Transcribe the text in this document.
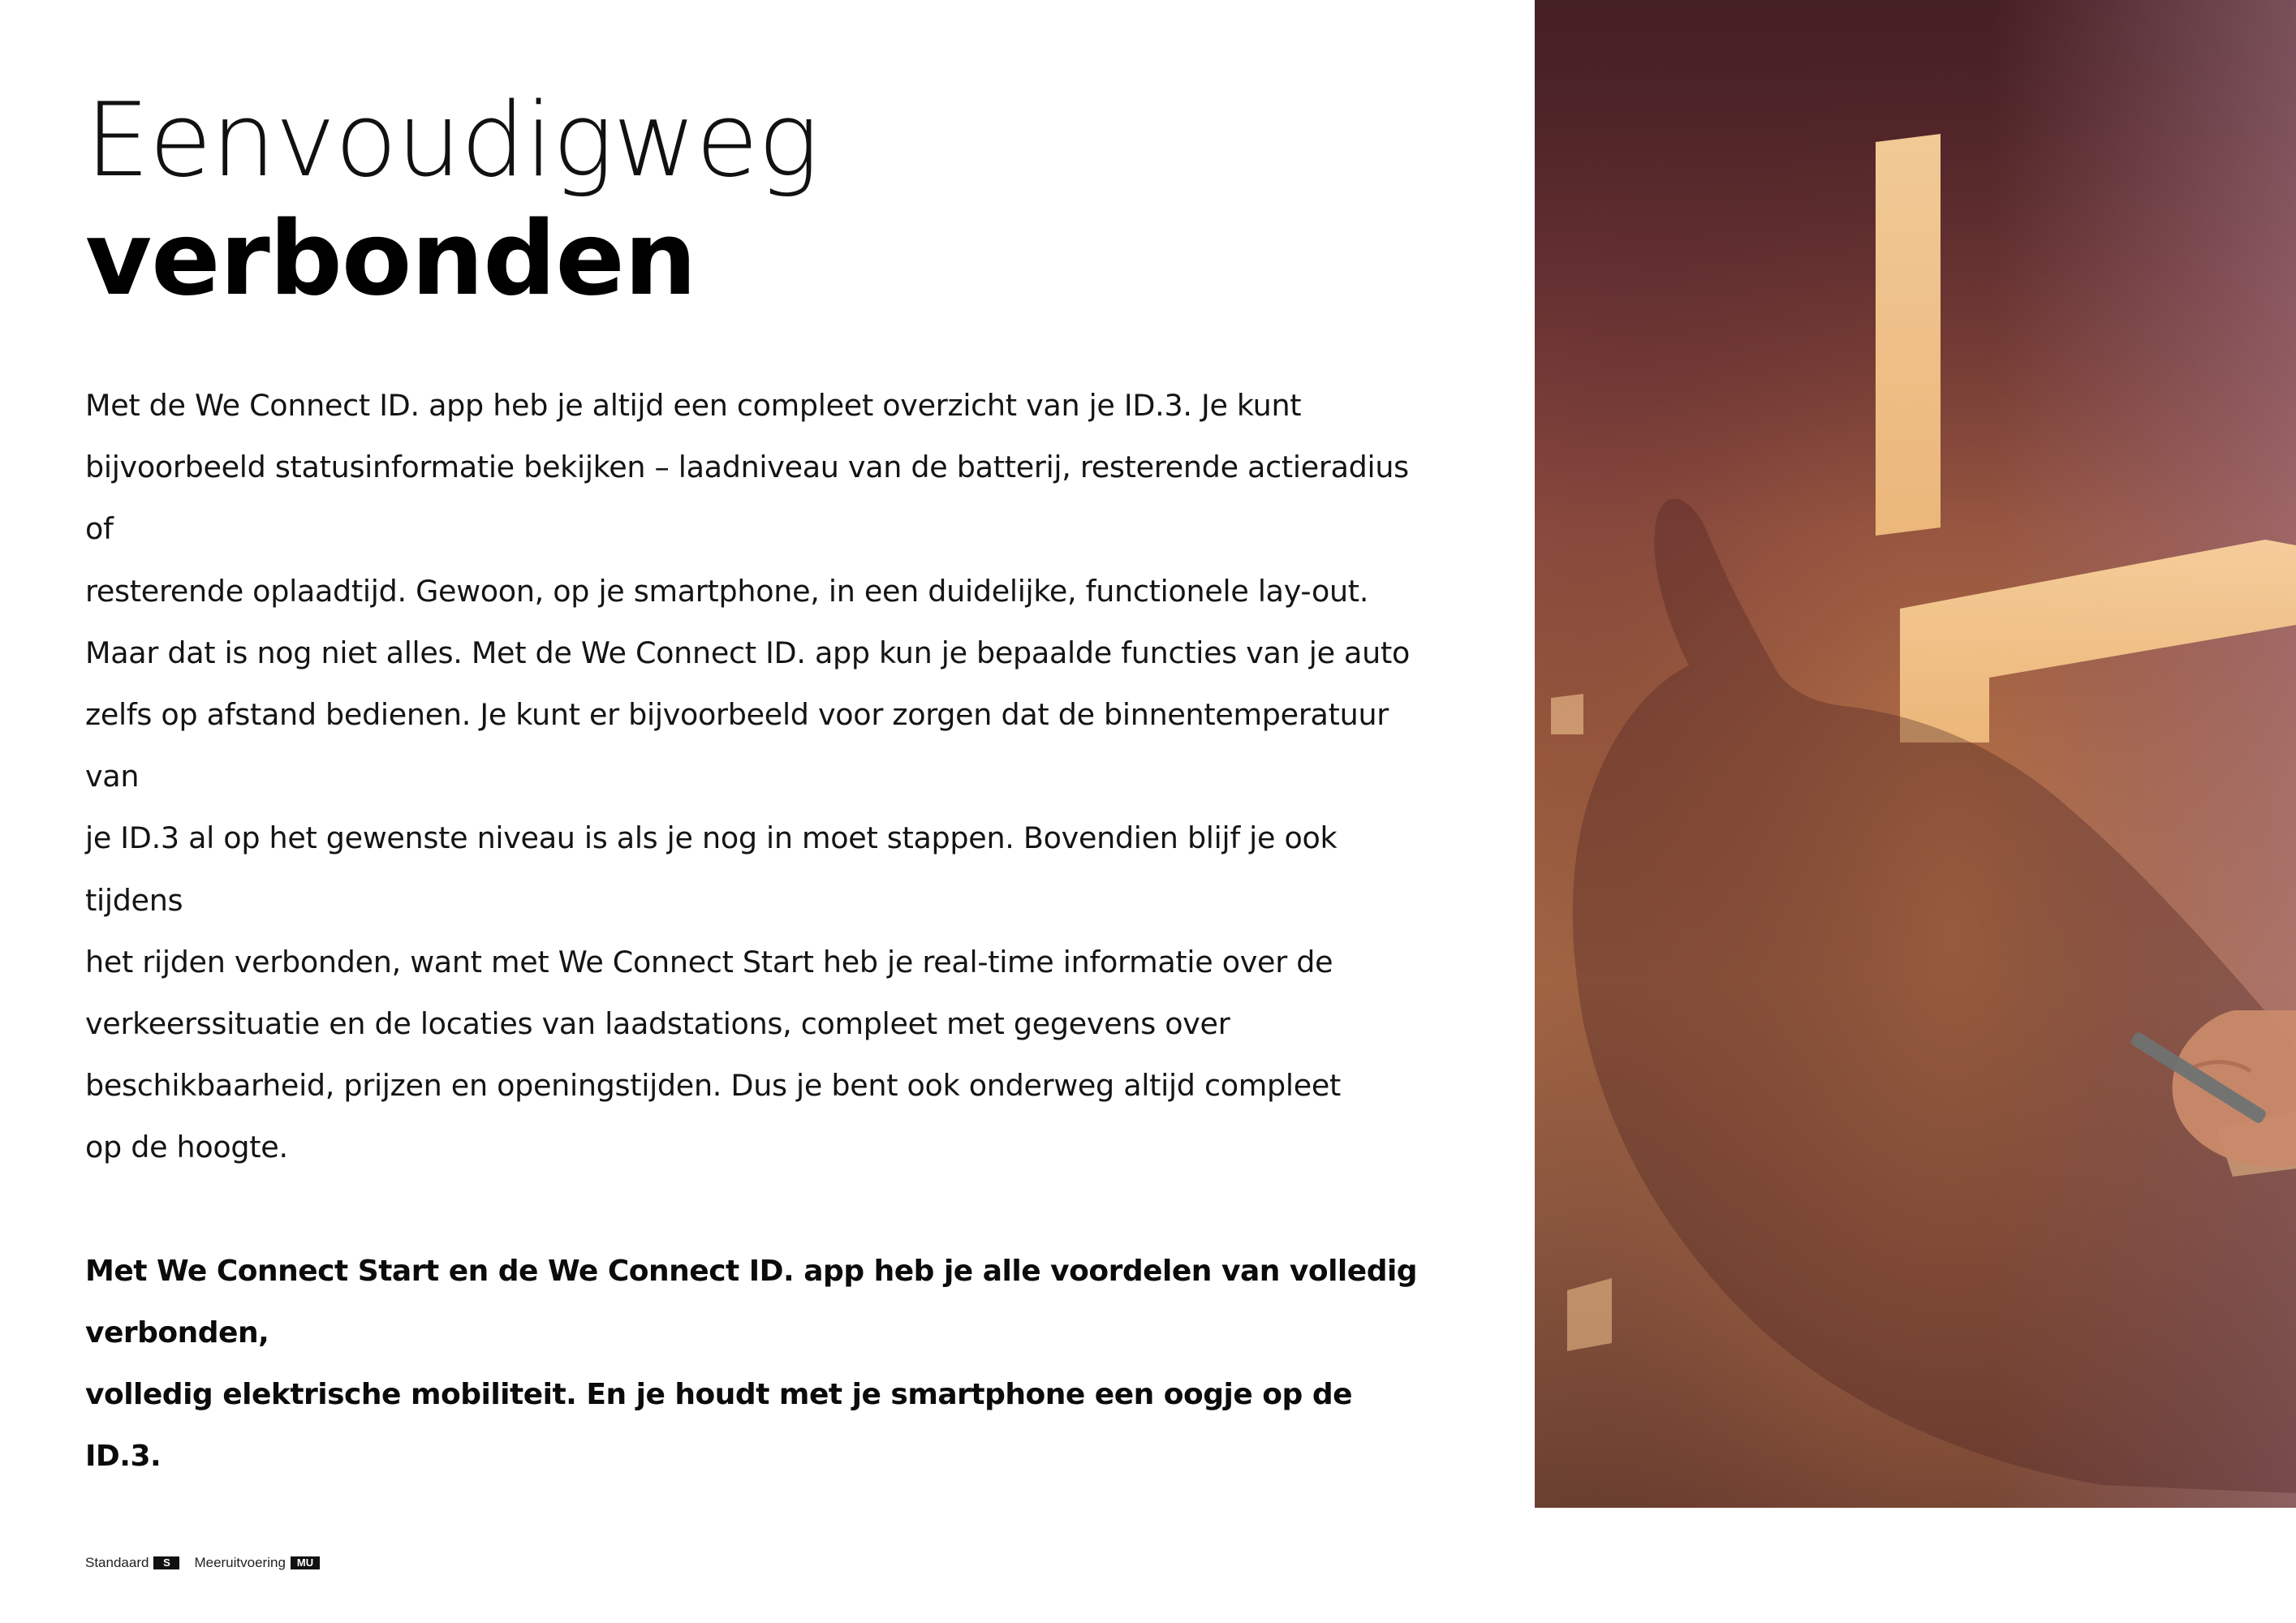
Eenvoudigweg
verbonden

Met de We Connect ID. app heb je altijd een compleet overzicht van je ID.3. Je kunt
bijvoorbeeld statusinformatie bekijken – laadniveau van de batterij, resterende actieradius of
resterende oplaadtijd. Gewoon, op je smartphone, in een duidelijke, functionele lay-out.
Maar dat is nog niet alles. Met de We Connect ID. app kun je bepaalde functies van je auto
zelfs op afstand bedienen. Je kunt er bijvoorbeeld voor zorgen dat de binnentemperatuur van
je ID.3 al op het gewenste niveau is als je nog in moet stappen. Bovendien blijf je ook tijdens
het rijden verbonden, want met We Connect Start heb je real-time informatie over de
verkeerssituatie en de locaties van laadstations, compleet met gegevens over
beschikbaarheid, prijzen en openingstijden. Dus je bent ook onderweg altijd compleet
op de hoogte.

Met We Connect Start en de We Connect ID. app heb je alle voordelen van volledig verbonden,
volledig elektrische mobiliteit. En je houdt met je smartphone een oogje op de ID.3.

Standaard	S	Meeruitvoering	MU
